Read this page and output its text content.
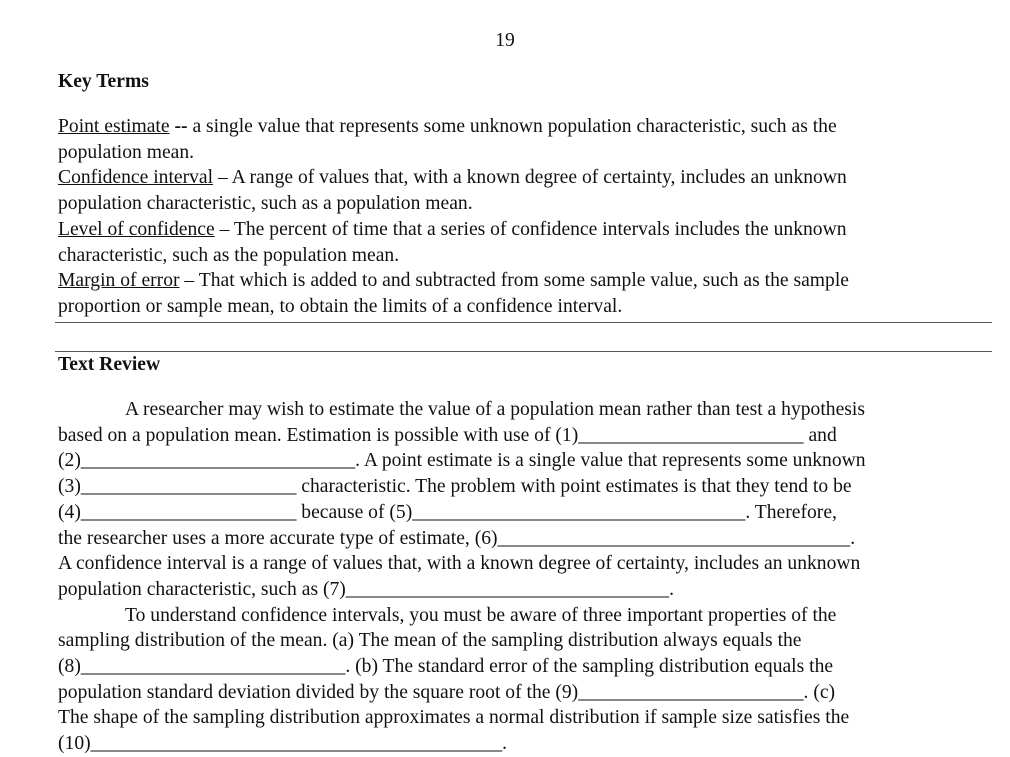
19
Key Terms
Point estimate -- a single value that represents some unknown population characteristic, such as the
population mean.
Confidence interval – A range of values that, with a known degree of certainty, includes an unknown
population characteristic, such as a population mean.
Level of confidence – The percent of time that a series of confidence intervals includes the unknown
characteristic, such as the population mean.
Margin of error – That which is added to and subtracted from some sample value, such as the sample
proportion or sample mean, to obtain the limits of a confidence interval.
Text Review
A researcher may wish to estimate the value of a population mean rather than test a hypothesis
based on a population mean. Estimation is possible with use of (1)_______________________ and
(2)____________________________. A point estimate is a single value that represents some unknown
(3)______________________ characteristic. The problem with point estimates is that they tend to be
(4)______________________ because of (5)__________________________________. Therefore,
the researcher uses a more accurate type of estimate, (6)____________________________________.
A confidence interval is a range of values that, with a known degree of certainty, includes an unknown
population characteristic, such as (7)_________________________________.
To understand confidence intervals, you must be aware of three important properties of the
sampling distribution of the mean. (a) The mean of the sampling distribution always equals the
(8)___________________________. (b) The standard error of the sampling distribution equals the
population standard deviation divided by the square root of the (9)_______________________. (c)
The shape of the sampling distribution approximates a normal distribution if sample size satisfies the
(10)__________________________________________.
